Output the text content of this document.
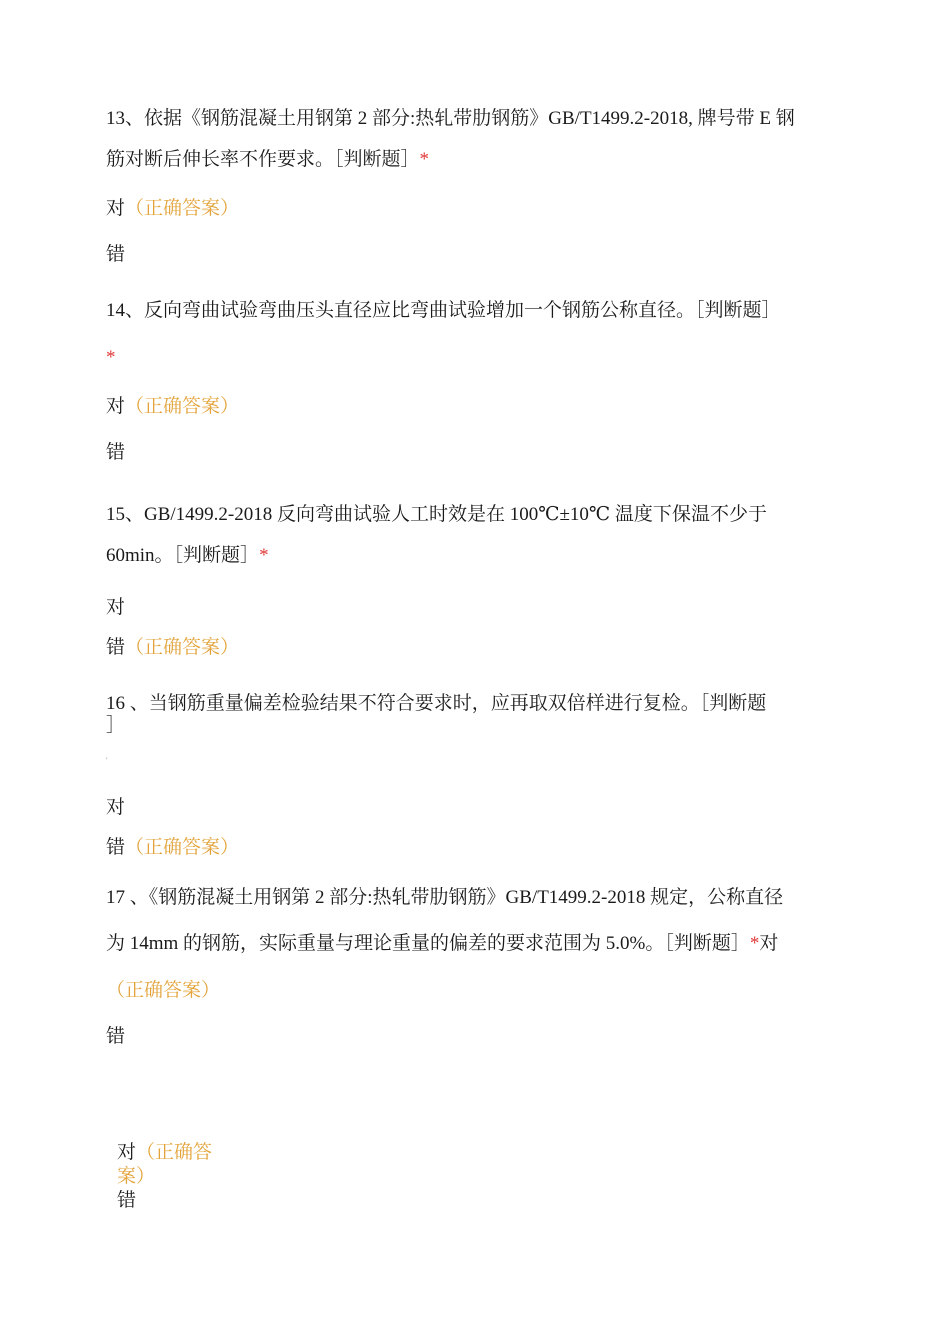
13、依据《钢筋混凝土用钢第 2 部分:热轧带肋钢筋》GB/T1499.2-2018, 牌号带 E 钢
筋对断后伸长率不作要求。［判断题］*
对（正确答案）
错
14、反向弯曲试验弯曲压头直径应比弯曲试验增加一个钢筋公称直径。［判断题］
*
对（正确答案）
错
15、GB/1499.2-2018 反向弯曲试验人工时效是在 100℃±10℃ 温度下保温不少于
60min。［判断题］*
对
错（正确答案）
16 、当钢筋重量偏差检验结果不符合要求时，应再取双倍样进行复检。［判断题
］
'
对
错（正确答案）
17 、《钢筋混凝土用钢第 2 部分:热轧带肋钢筋》GB/T1499.2-2018 规定，公称直径
为 14mm 的钢筋，实际重量与理论重量的偏差的要求范围为 5.0%。［判断题］*对
（正确答案）
错
对（正确答
案）
错
